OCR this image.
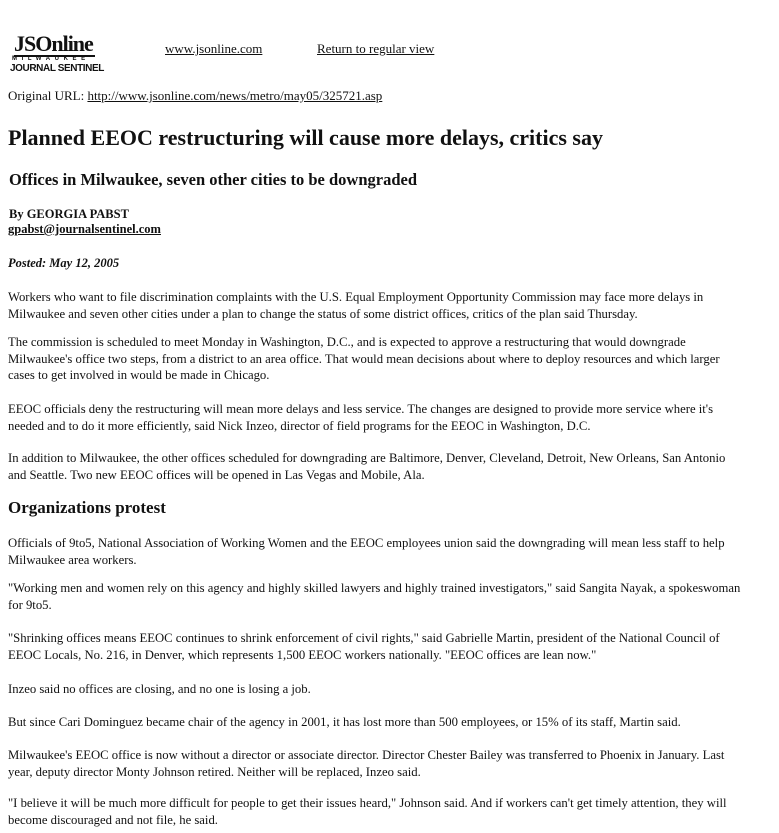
JSOnline
MILWAUKEE
JOURNAL SENTINEL
www.jsonline.com	Return to regular view
Original URL: http://www.jsonline.com/news/metro/may05/325721.asp
Planned EEOC restructuring will cause more delays, critics say
Offices in Milwaukee, seven other cities to be downgraded
By GEORGIA PABST
gpabst@journalsentinel.com
Posted: May 12, 2005
Workers who want to file discrimination complaints with the U.S. Equal Employment Opportunity Commission may face more delays in
Milwaukee and seven other cities under a plan to change the status of some district offices, critics of the plan said Thursday.
The commission is scheduled to meet Monday in Washington, D.C., and is expected to approve a restructuring that would downgrade
Milwaukee's office two steps, from a district to an area office. That would mean decisions about where to deploy resources and which larger
cases to get involved in would be made in Chicago.
EEOC officials deny the restructuring will mean more delays and less service. The changes are designed to provide more service where it's
needed and to do it more efficiently, said Nick Inzeo, director of field programs for the EEOC in Washington, D.C.
In addition to Milwaukee, the other offices scheduled for downgrading are Baltimore, Denver, Cleveland, Detroit, New Orleans, San Antonio
and Seattle. Two new EEOC offices will be opened in Las Vegas and Mobile, Ala.
Organizations protest
Officials of 9to5, National Association of Working Women and the EEOC employees union said the downgrading will mean less staff to help
Milwaukee area workers.
"Working men and women rely on this agency and highly skilled lawyers and highly trained investigators," said Sangita Nayak, a spokeswoman
for 9to5.
"Shrinking offices means EEOC continues to shrink enforcement of civil rights," said Gabrielle Martin, president of the National Council of
EEOC Locals, No. 216, in Denver, which represents 1,500 EEOC workers nationally. "EEOC offices are lean now."
Inzeo said no offices are closing, and no one is losing a job.
But since Cari Dominguez became chair of the agency in 2001, it has lost more than 500 employees, or 15% of its staff, Martin said.
Milwaukee's EEOC office is now without a director or associate director. Director Chester Bailey was transferred to Phoenix in January. Last
year, deputy director Monty Johnson retired. Neither will be replaced, Inzeo said.
"I believe it will be much more difficult for people to get their issues heard," Johnson said. And if workers can't get timely attention, they will
become discouraged and not file, he said.
